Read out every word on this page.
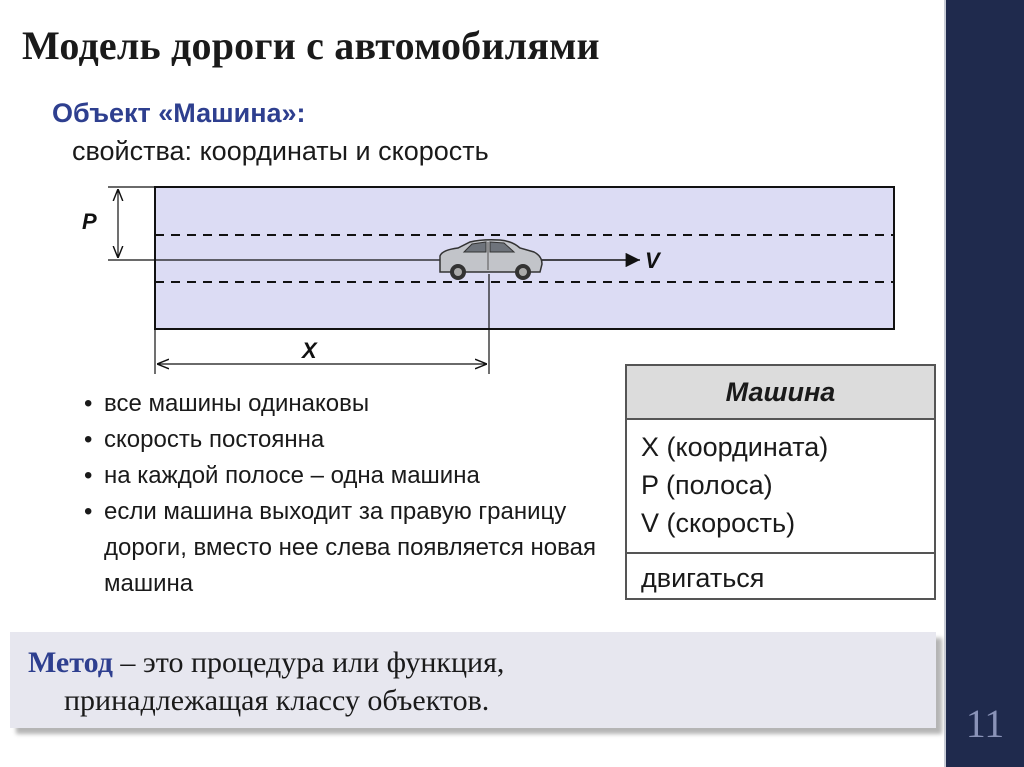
11
Модель дороги с автомобилями
Объект «Машина»:
свойства: координаты и скорость
P
V
X
• все машины одинаковы
• скорость постоянна
• на каждой полосе – одна машина
• если машина выходит за правую границу дороги, вместо нее слева появляется новая машина
Машина
X (координата)
P (полоса)
V (скорость)
двигаться
Метод – это процедура или функция,
принадлежащая классу объектов.
